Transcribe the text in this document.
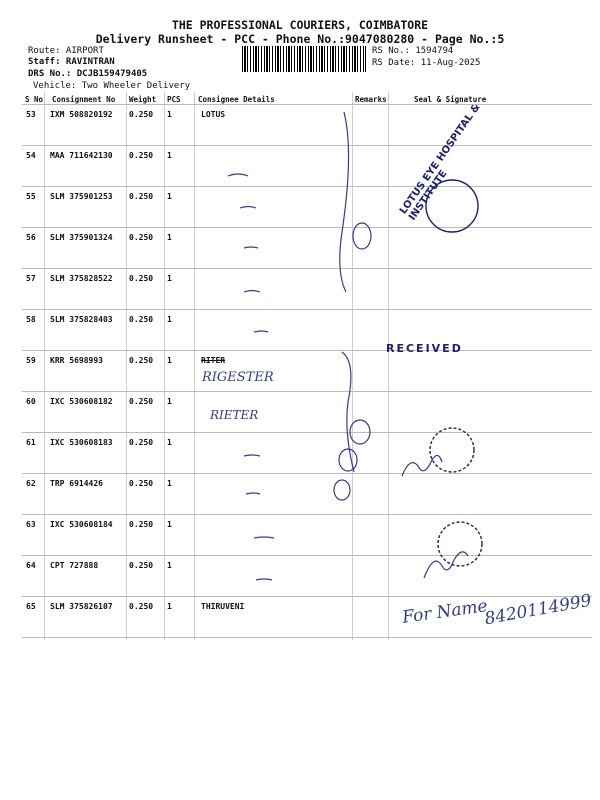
THE PROFESSIONAL COURIERS, COIMBATORE
Delivery Runsheet - PCC - Phone No.:9047080280 - Page No.:5
Route: AIRPORT
Staff: RAVINTRAN
DRS No.: DCJB159479405
Vehicle: Two Wheeler Delivery
RS No.: 1594794
RS Date: 11-Aug-2025
S No Consignment No Weight PCS Consignee Details	Remarks	Seal & Signature
53 IXM 508820192 0.250 1	LOTUS
54 MAA 711642130 0.250 1
55 SLM 375901253 0.250 1
56 SLM 375901324 0.250 1
57 SLM 375828522 0.250 1
58 SLM 375828403 0.250 1
59 KRR 5698993	0.250 1	RITER
60 IXC 530608182 0.250 1
61 IXC 530608183 0.250 1
62 TRP 6914426	0.250 1
63 IXC 530608184 0.250 1
64 CPT 727888	0.250 1
65 SLM 375826107 0.250 1	THIRUVENI
RIGESTER
RIETER
For Name
8420114999
LOTUS EYE HOSPITAL & INSTITUTE
RECEIVED
